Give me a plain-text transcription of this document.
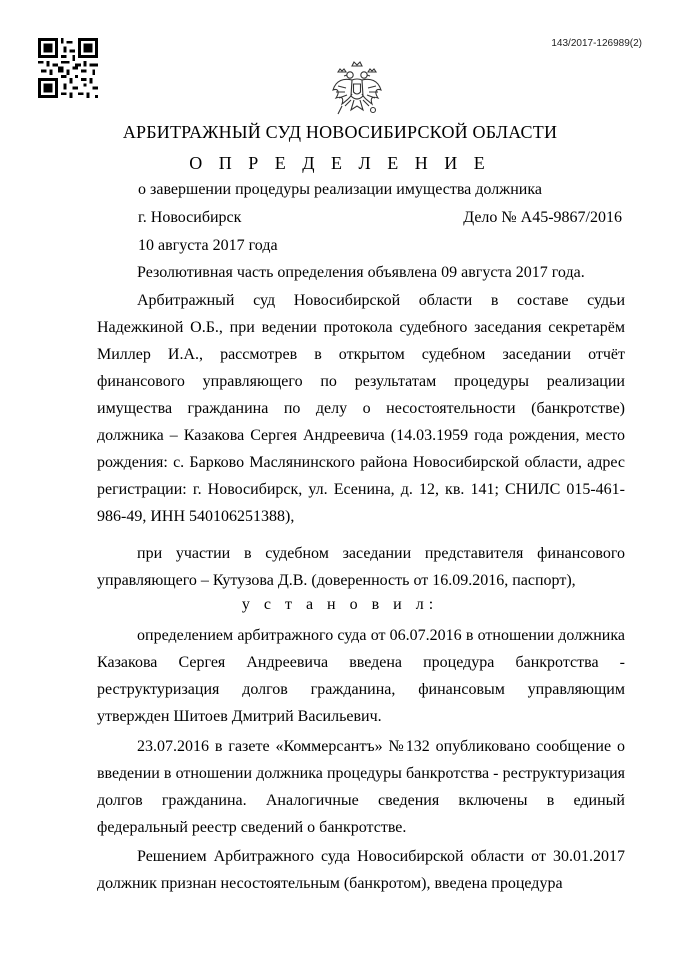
143/2017-126989(2)
АРБИТРАЖНЫЙ СУД НОВОСИБИРСКОЙ ОБЛАСТИ
О П Р Е Д Е Л Е Н И Е
о завершении процедуры реализации имущества должника
г. Новосибирск	Дело № А45-9867/2016
10 августа 2017 года

Резолютивная часть определения объявлена 09 августа 2017 года.

Арбитражный суд Новосибирской области в составе судьи Надежкиной О.Б., при ведении протокола судебного заседания секретарём Миллер И.А., рассмотрев в открытом судебном заседании отчёт финансового управляющего по результатам процедуры реализации имущества гражданина по делу о несостоятельности (банкротстве) должника – Казакова Сергея Андреевича (14.03.1959 года рождения, место рождения: с. Барково Маслянинского района Новосибирской области, адрес регистрации: г. Новосибирск, ул. Есенина, д. 12, кв. 141; СНИЛС 015-461-986-49, ИНН 540106251388),

при участии в судебном заседании представителя финансового управляющего – Кутузова Д.В. (доверенность от 16.09.2016, паспорт),

у с т а н о в и л:

определением арбитражного суда от 06.07.2016 в отношении должника Казакова Сергея Андреевича введена процедура банкротства - реструктуризация долгов гражданина, финансовым управляющим утвержден Шитоев Дмитрий Васильевич.

23.07.2016 в газете «Коммерсантъ» №132 опубликовано сообщение о введении в отношении должника процедуры банкротства - реструктуризация долгов гражданина. Аналогичные сведения включены в единый федеральный реестр сведений о банкротстве.

Решением Арбитражного суда Новосибирской области от 30.01.2017 должник признан несостоятельным (банкротом), введена процедура
